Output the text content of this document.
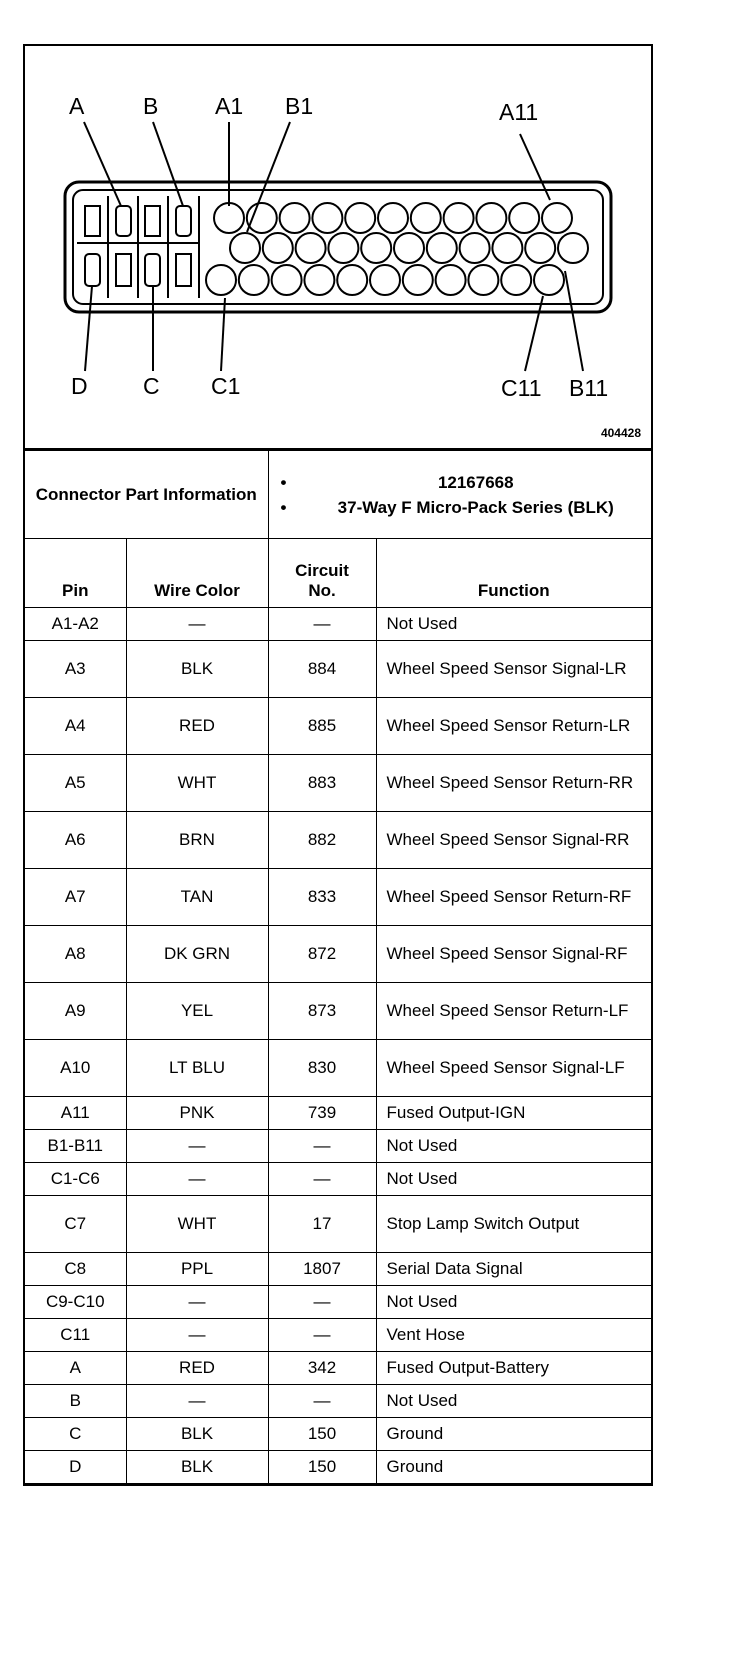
A	B A1 B1	A11
D C C1	C11 B11
404428
Connector Part Information		• 12167668
• 37-Way F Micro-Pack Series (BLK)

Pin	Wire Color	Circuit No.	Function
A1-A2	—	—	Not Used
A3	BLK	884	Wheel Speed Sensor Signal-LR
A4	RED	885	Wheel Speed Sensor Return-LR
A5	WHT	883	Wheel Speed Sensor Return-RR
A6	BRN	882	Wheel Speed Sensor Signal-RR
A7	TAN	833	Wheel Speed Sensor Return-RF
A8	DK GRN	872	Wheel Speed Sensor Signal-RF
A9	YEL	873	Wheel Speed Sensor Return-LF
A10	LT BLU	830	Wheel Speed Sensor Signal-LF
A11	PNK	739	Fused Output-IGN
B1-B11	—	—	Not Used
C1-C6	—	—	Not Used
C7	WHT	17	Stop Lamp Switch Output
C8	PPL	1807	Serial Data Signal
C9-C10	—	—	Not Used
C11	—	—	Vent Hose
A	RED	342	Fused Output-Battery
B	—	—	Not Used
C	BLK	150	Ground
D	BLK	150	Ground
